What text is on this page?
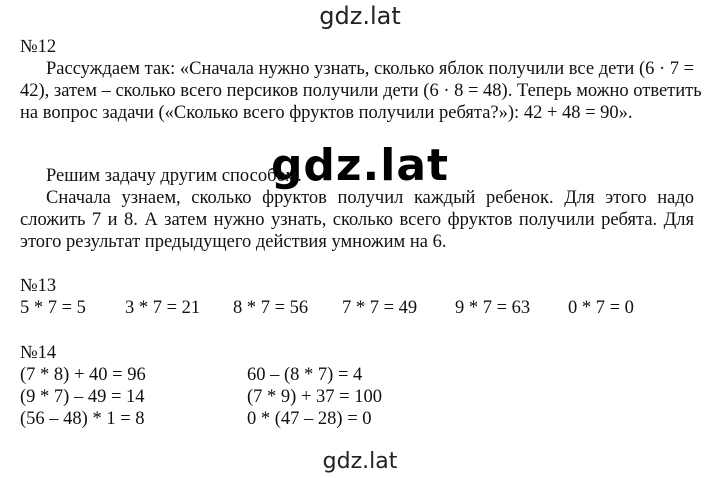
gdz.lat
№12
Рассуждаем так: «Сначала нужно узнать, сколько яблок получили все дети (6 · 7 =
42), затем – сколько всего персиков получили дети (6 · 8 = 48). Теперь можно ответить
на вопрос задачи («Сколько всего фруктов получили ребята?»): 42 + 48 = 90».
gdz.lat
Решим задачу другим способом.
Сначала узнаем, сколько фруктов получил каждый ребенок. Для этого надо
сложить 7 и 8. А затем нужно узнать, сколько всего фруктов получили ребята. Для
этого результат предыдущего действия умножим на 6.
№13
5 * 7 = 5 3 * 7 = 21 8 * 7 = 56 7 * 7 = 49 9 * 7 = 63 0 * 7 = 0
№14
(7 * 8) + 40 = 96
(9 * 7) – 49 = 14
(56 – 48) * 1 = 8
60 – (8 * 7) = 4
(7 * 9) + 37 = 100
0 * (47 – 28) = 0
gdz.lat
